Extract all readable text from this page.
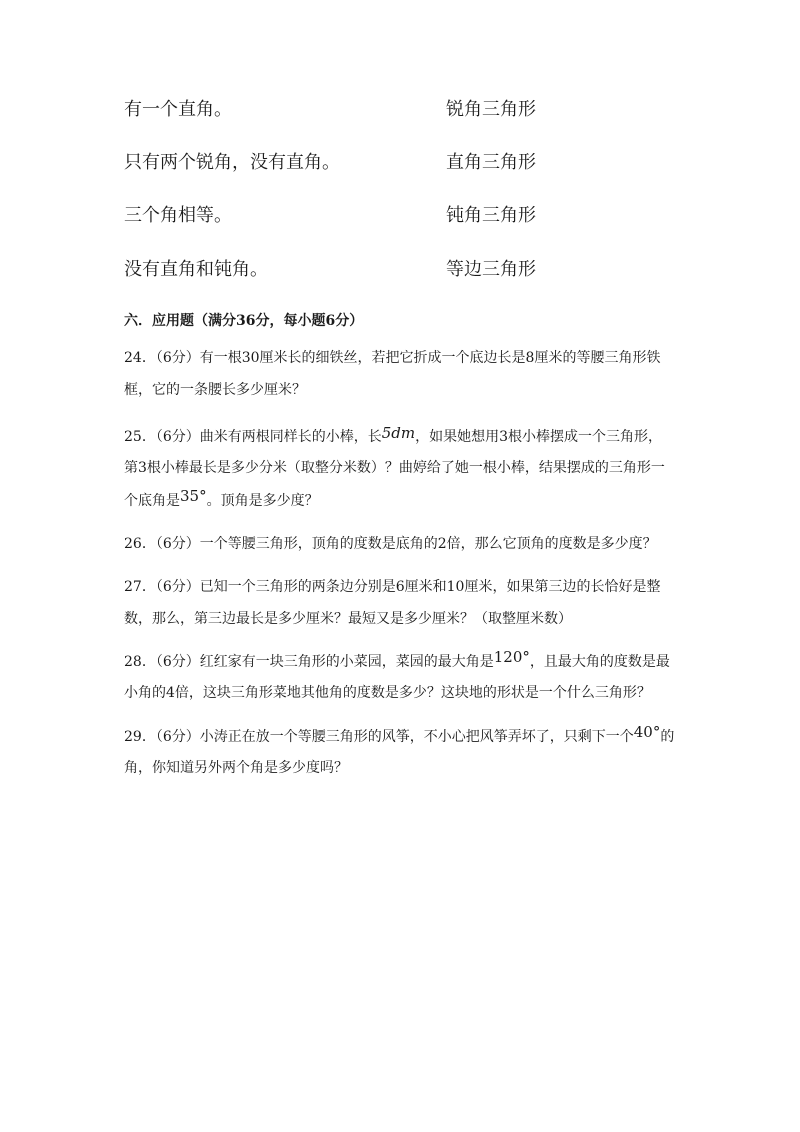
有一个直角。	锐角三角形
只有两个锐角，没有直角。	直角三角形
三个角相等。	钝角三角形
没有直角和钝角。	等边三角形
六．应用题（满分36分，每小题6分）
24．（6分）有一根30厘米长的细铁丝，若把它折成一个底边长是8厘米的等腰三角形铁
框，它的一条腰长多少厘米？
25．（6分）曲米有两根同样长的小棒，长5dm，如果她想用3根小棒摆成一个三角形，
第3根小棒最长是多少分米（取整分米数）？曲婷给了她一根小棒，结果摆成的三角形一
个底角是35°。顶角是多少度？
26．（6分）一个等腰三角形，顶角的度数是底角的2倍，那么它顶角的度数是多少度？
27．（6分）已知一个三角形的两条边分别是6厘米和10厘米，如果第三边的长恰好是整
数，那么，第三边最长是多少厘米？最短又是多少厘米？（取整厘米数）
28．（6分）红红家有一块三角形的小菜园，菜园的最大角是120°，且最大角的度数是最
小角的4倍，这块三角形菜地其他角的度数是多少？这块地的形状是一个什么三角形？
29．（6分）小涛正在放一个等腰三角形的风筝，不小心把风筝弄坏了，只剩下一个40°的
角，你知道另外两个角是多少度吗？
